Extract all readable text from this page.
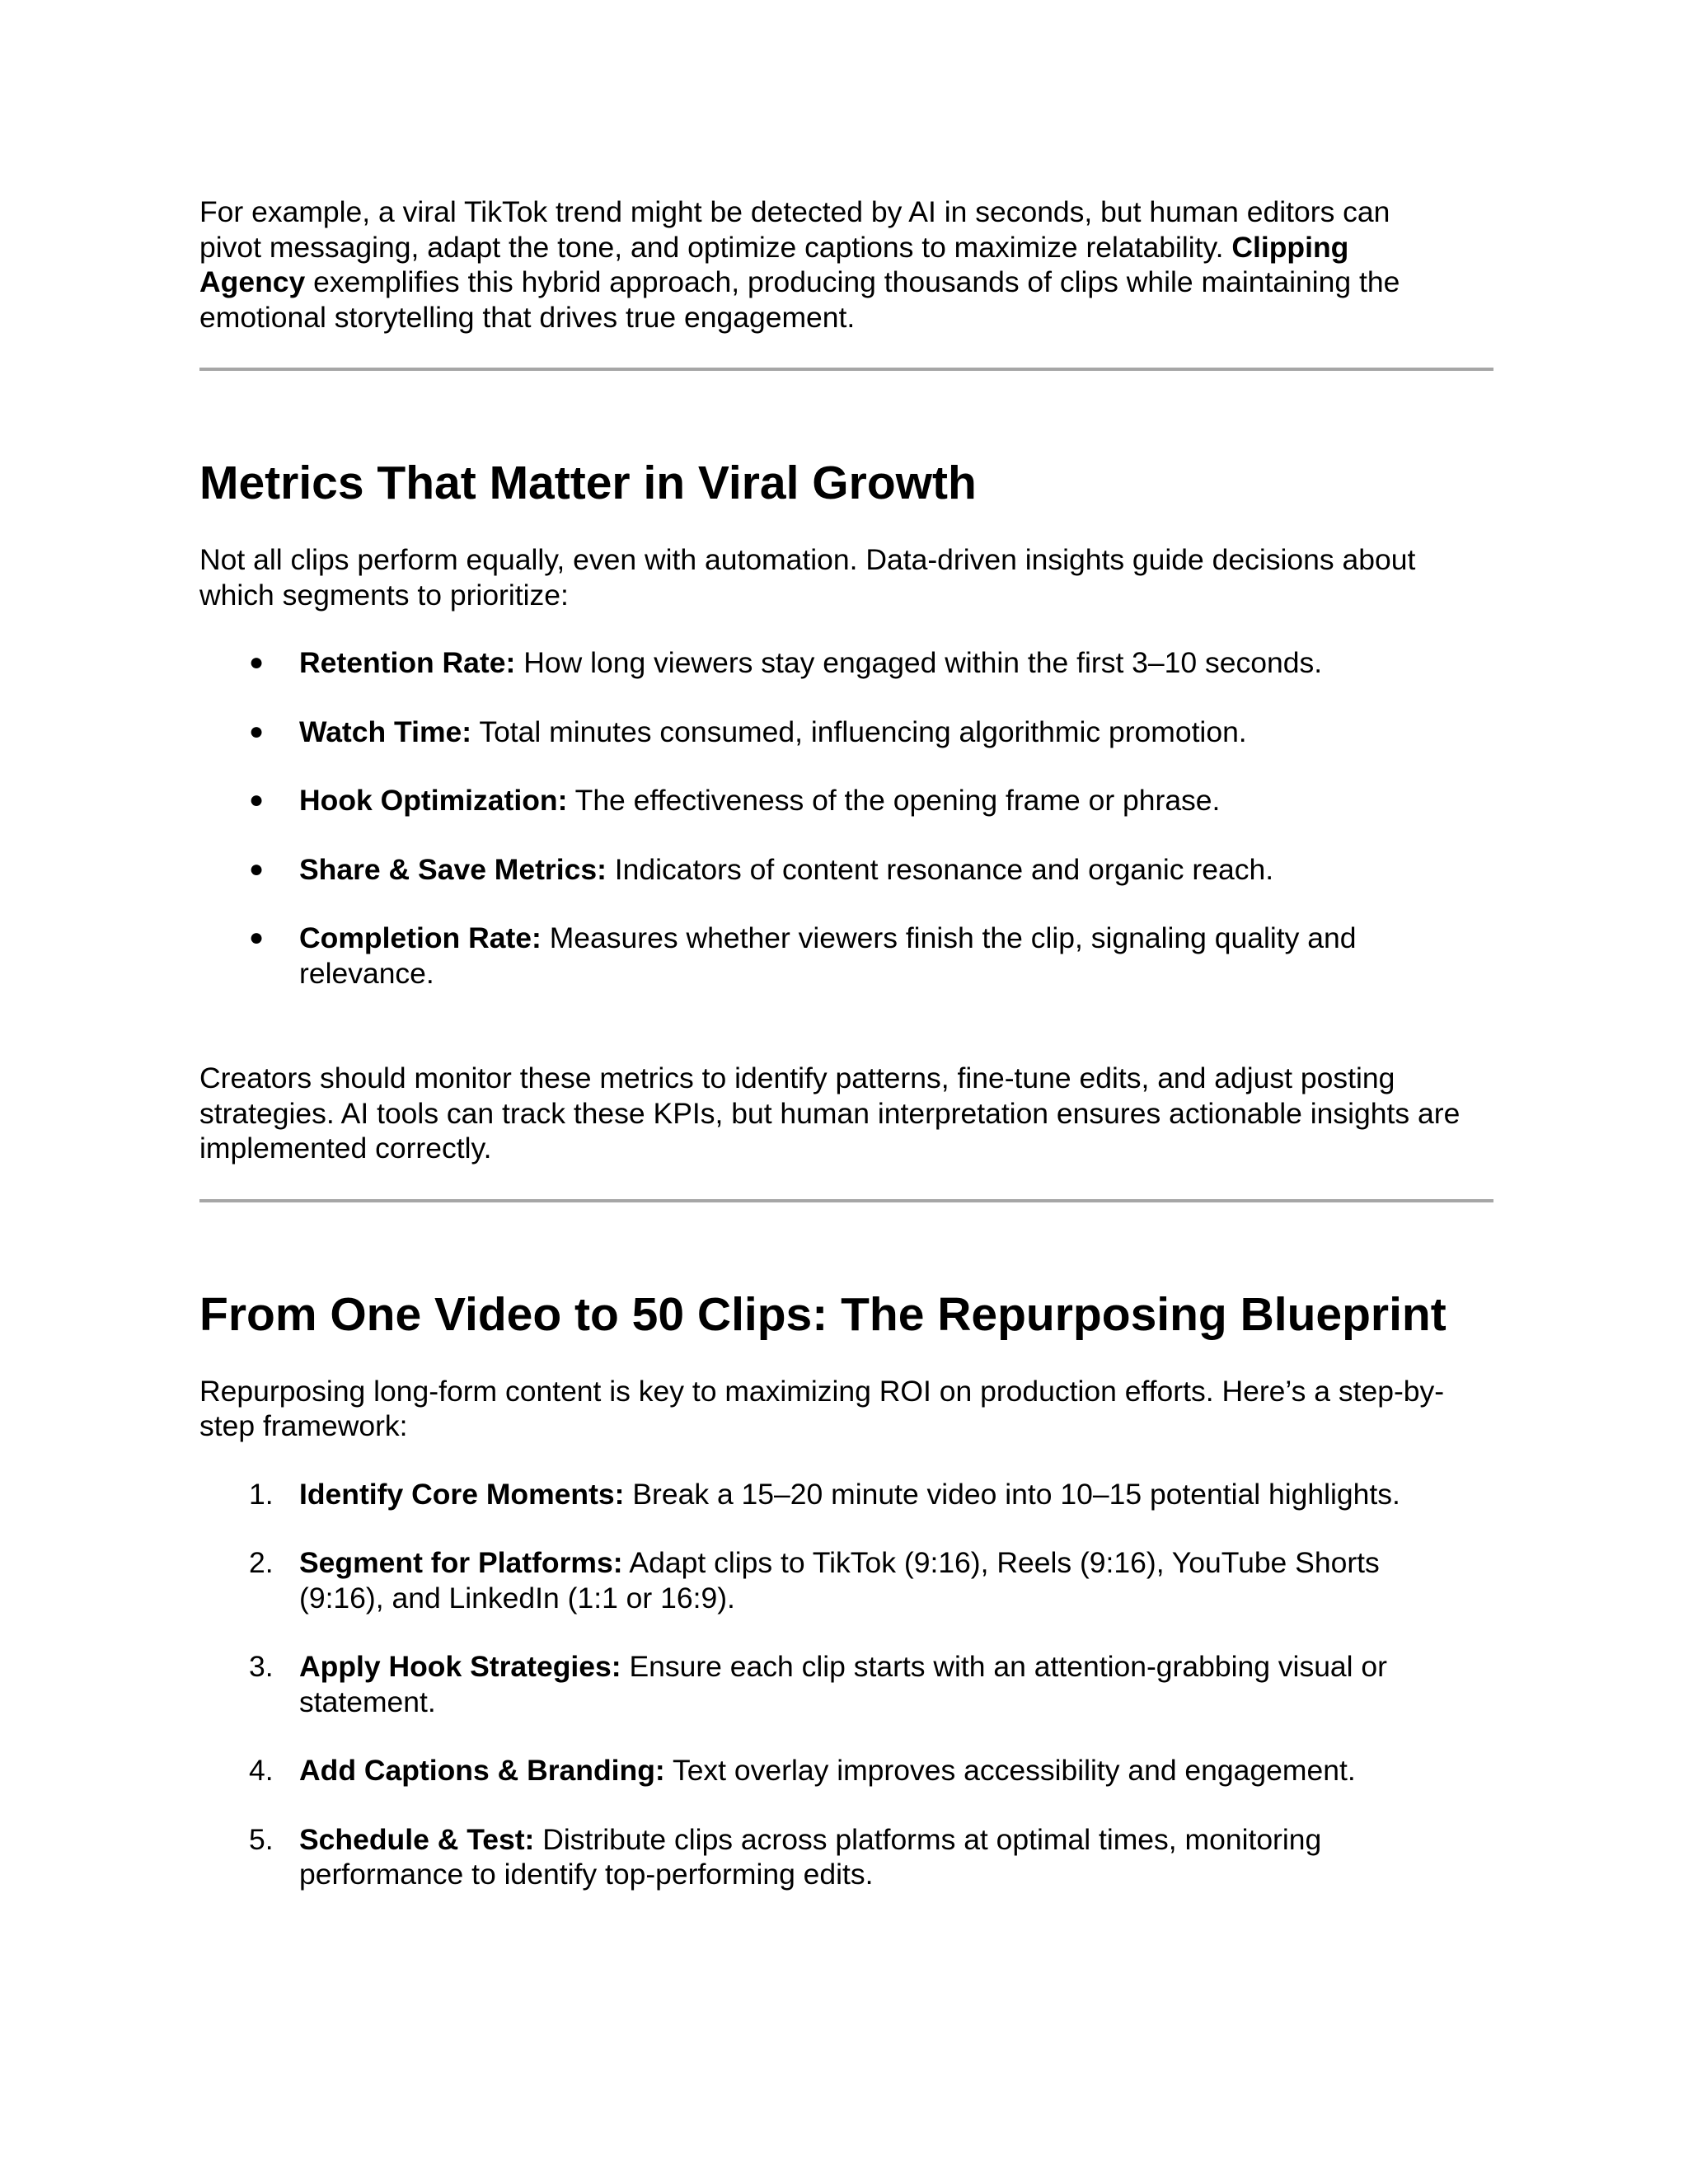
For example, a viral TikTok trend might be detected by AI in seconds, but human editors can pivot messaging, adapt the tone, and optimize captions to maximize relatability. Clipping Agency exemplifies this hybrid approach, producing thousands of clips while maintaining the emotional storytelling that drives true engagement.

Metrics That Matter in Viral Growth

Not all clips perform equally, even with automation. Data-driven insights guide decisions about which segments to prioritize:

● Retention Rate: How long viewers stay engaged within the first 3–10 seconds.
● Watch Time: Total minutes consumed, influencing algorithmic promotion.
● Hook Optimization: The effectiveness of the opening frame or phrase.
● Share & Save Metrics: Indicators of content resonance and organic reach.
● Completion Rate: Measures whether viewers finish the clip, signaling quality and relevance.

Creators should monitor these metrics to identify patterns, fine-tune edits, and adjust posting strategies. AI tools can track these KPIs, but human interpretation ensures actionable insights are implemented correctly.

From One Video to 50 Clips: The Repurposing Blueprint

Repurposing long-form content is key to maximizing ROI on production efforts. Here’s a step-by-step framework:

1. Identify Core Moments: Break a 15–20 minute video into 10–15 potential highlights.
2. Segment for Platforms: Adapt clips to TikTok (9:16), Reels (9:16), YouTube Shorts (9:16), and LinkedIn (1:1 or 16:9).
3. Apply Hook Strategies: Ensure each clip starts with an attention-grabbing visual or statement.
4. Add Captions & Branding: Text overlay improves accessibility and engagement.
5. Schedule & Test: Distribute clips across platforms at optimal times, monitoring performance to identify top-performing edits.
